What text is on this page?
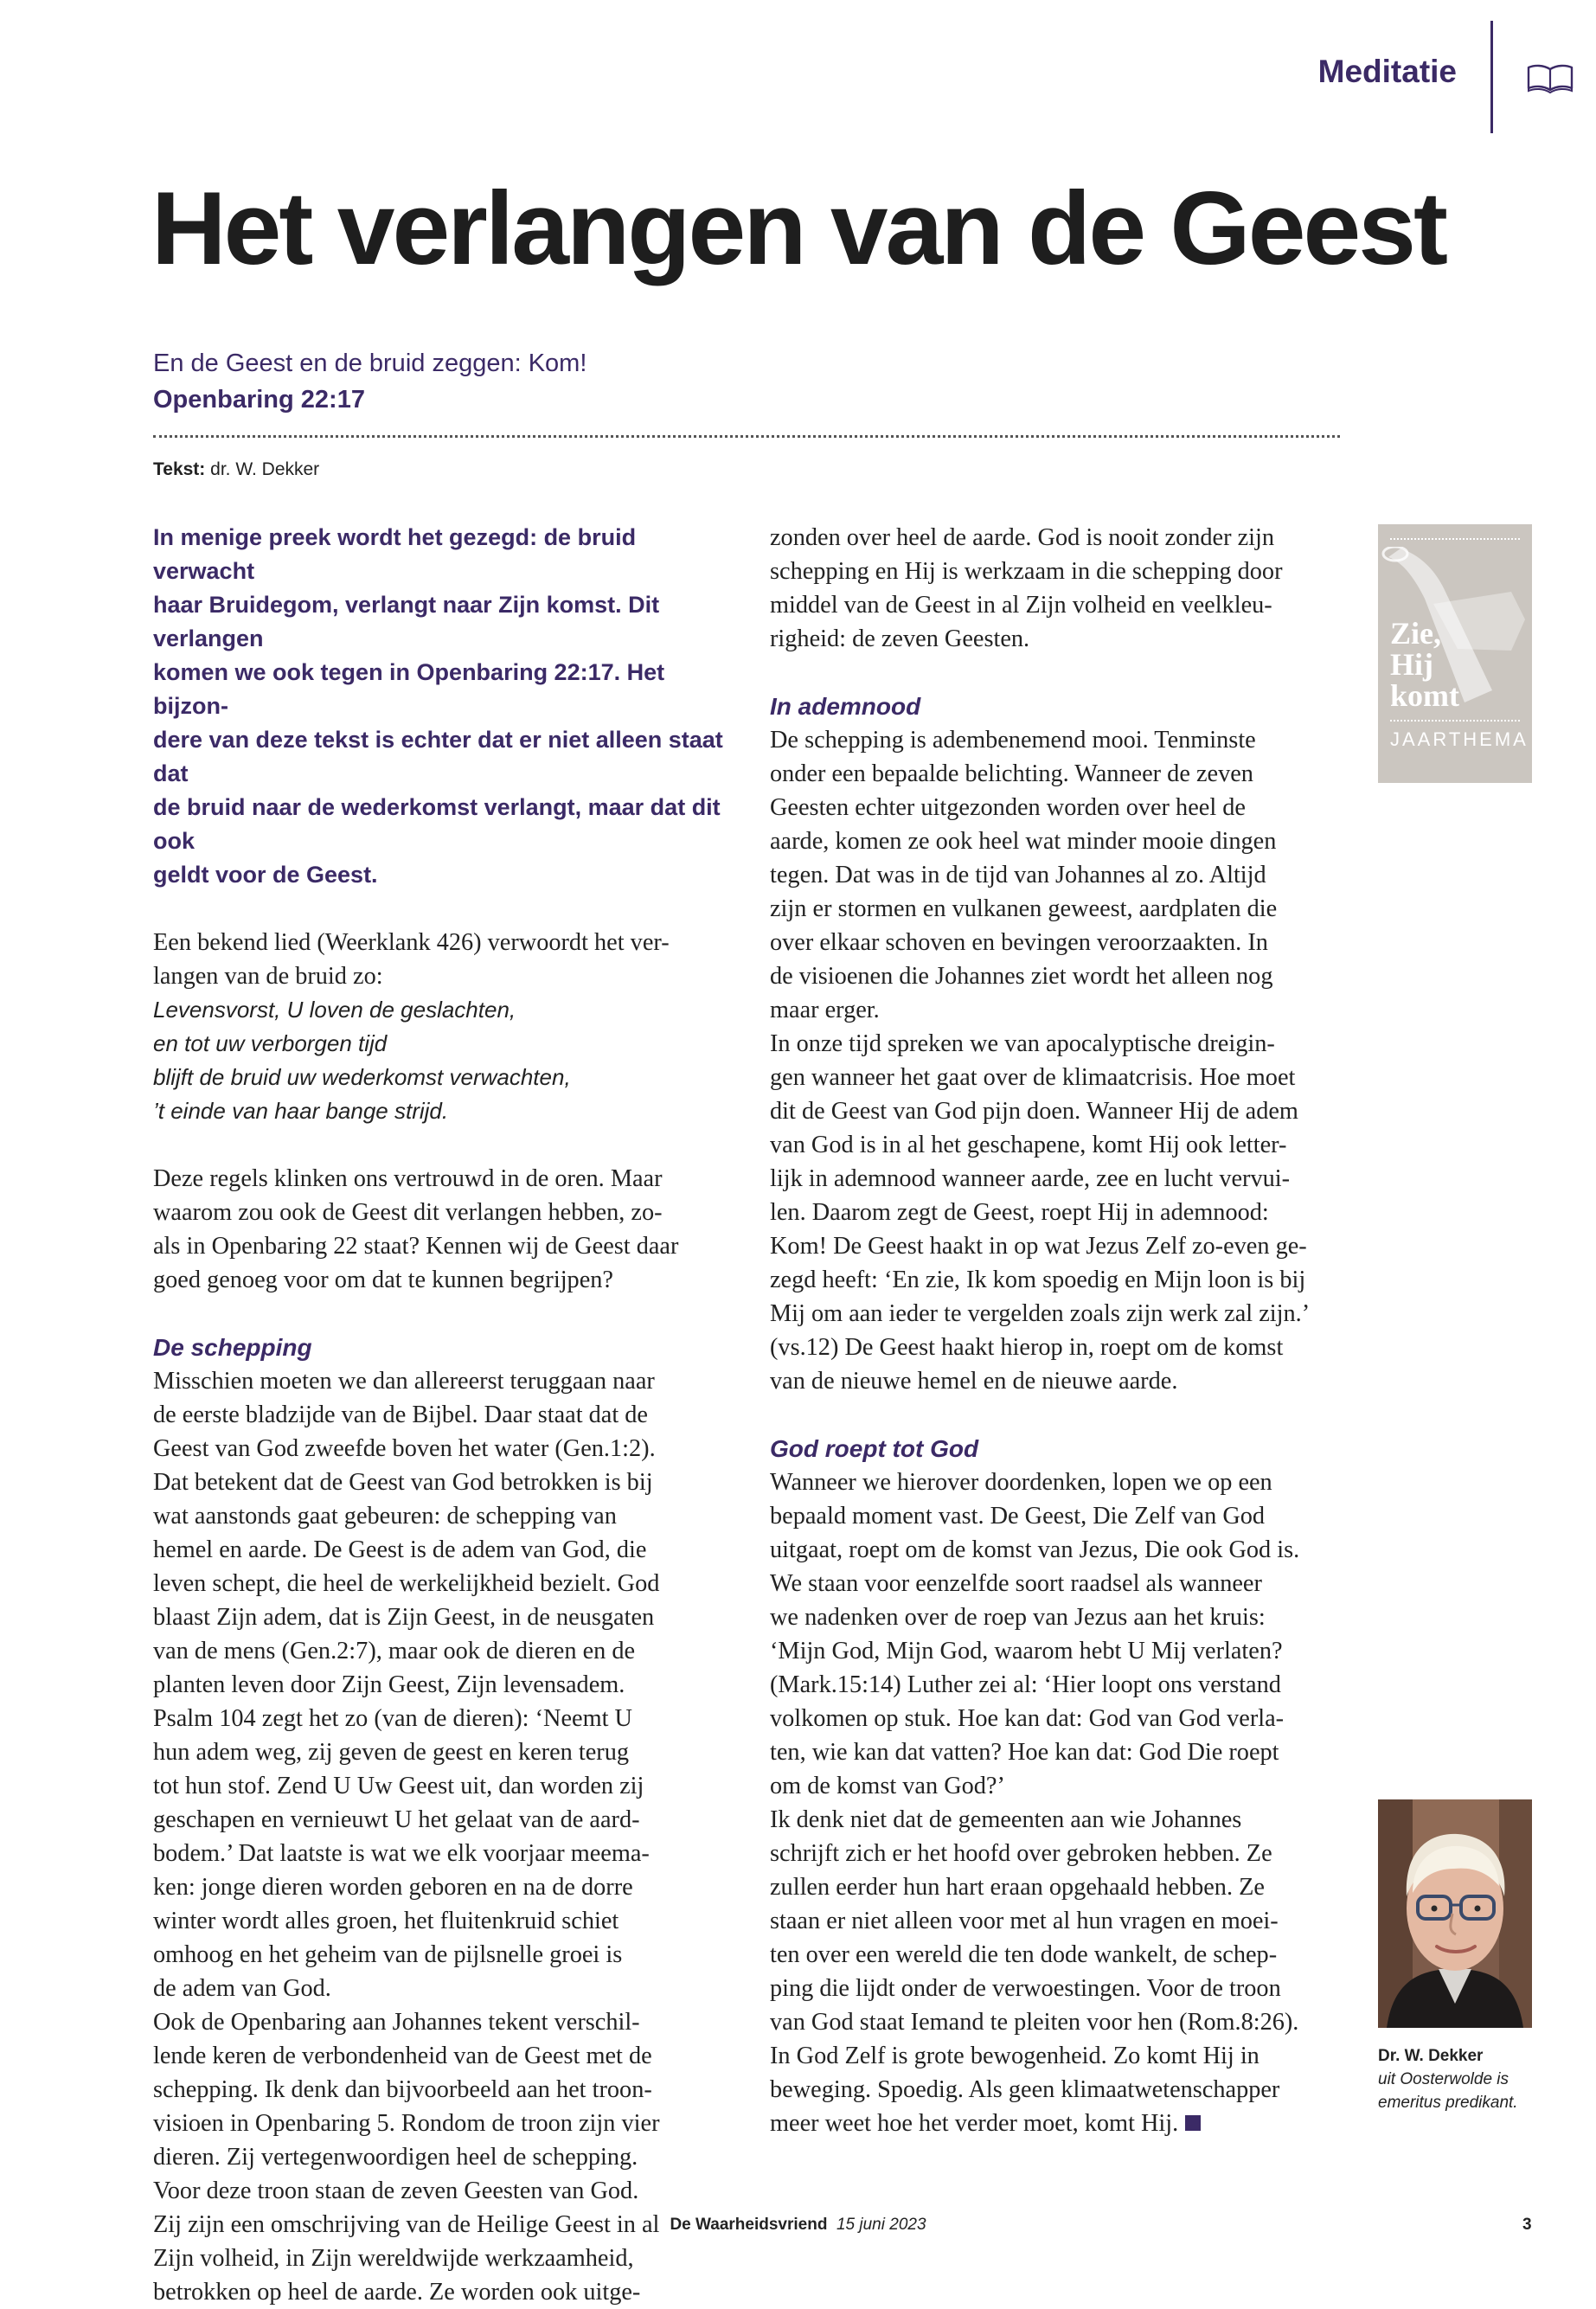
Meditatie
Het verlangen van de Geest
En de Geest en de bruid zeggen: Kom!
Openbaring 22:17
Tekst: dr. W. Dekker

In menige preek wordt het gezegd: de bruid verwacht

haar Bruidegom, verlangt naar Zijn komst. Dit verlangen

komen we ook tegen in Openbaring 22:17. Het bijzon-

dere van deze tekst is echter dat er niet alleen staat dat

de bruid naar de wederkomst verlangt, maar dat dit ook

geldt voor de Geest.

Een bekend lied (Weerklank 426) verwoordt het ver-

langen van de bruid zo:

Levensvorst, U loven de geslachten,

en tot uw verborgen tijd

blijft de bruid uw wederkomst verwachten,

’t einde van haar bange strijd.

Deze regels klinken ons vertrouwd in de oren. Maar

waarom zou ook de Geest dit verlangen hebben, zo-

als in Openbaring 22 staat? Kennen wij de Geest daar

goed genoeg voor om dat te kunnen begrijpen?

De schepping

Misschien moeten we dan allereerst teruggaan naar

de eerste bladzijde van de Bijbel. Daar staat dat de

Geest van God zweefde boven het water (Gen.1:2).

Dat betekent dat de Geest van God betrokken is bij

wat aanstonds gaat gebeuren: de schepping van

hemel en aarde. De Geest is de adem van God, die

leven schept, die heel de werkelijkheid bezielt. God

blaast Zijn adem, dat is Zijn Geest, in de neusgaten

van de mens (Gen.2:7), maar ook de dieren en de

planten leven door Zijn Geest, Zijn levensadem.

Psalm 104 zegt het zo (van de dieren): ‘Neemt U

hun adem weg, zij geven de geest en keren terug

tot hun stof. Zend U Uw Geest uit, dan worden zij

geschapen en vernieuwt U het gelaat van de aard-

bodem.’ Dat laatste is wat we elk voorjaar meema-

ken: jonge dieren worden geboren en na de dorre

winter wordt alles groen, het fluitenkruid schiet

omhoog en het geheim van de pijlsnelle groei is

de adem van God.

Ook de Openbaring aan Johannes tekent verschil-

lende keren de verbondenheid van de Geest met de

schepping. Ik denk dan bijvoorbeeld aan het troon-

visioen in Openbaring 5. Rondom de troon zijn vier

dieren. Zij vertegenwoordigen heel de schepping.

Voor deze troon staan de zeven Geesten van God.

Zij zijn een omschrijving van de Heilige Geest in al

Zijn volheid, in Zijn wereldwijde werkzaamheid,

betrokken op heel de aarde. Ze worden ook uitge-

zonden over heel de aarde. God is nooit zonder zijn

schepping en Hij is werkzaam in die schepping door

middel van de Geest in al Zijn volheid en veelkleu-

righeid: de zeven Geesten.

In ademnood

De schepping is adembenemend mooi. Tenminste

onder een bepaalde belichting. Wanneer de zeven

Geesten echter uitgezonden worden over heel de

aarde, komen ze ook heel wat minder mooie dingen

tegen. Dat was in de tijd van Johannes al zo. Altijd

zijn er stormen en vulkanen geweest, aardplaten die

over elkaar schoven en bevingen veroorzaakten. In

de visioenen die Johannes ziet wordt het alleen nog

maar erger.

In onze tijd spreken we van apocalyptische dreigin-

gen wanneer het gaat over de klimaatcrisis. Hoe moet

dit de Geest van God pijn doen. Wanneer Hij de adem

van God is in al het geschapene, komt Hij ook letter-

lijk in ademnood wanneer aarde, zee en lucht vervui-

len. Daarom zegt de Geest, roept Hij in ademnood:

Kom! De Geest haakt in op wat Jezus Zelf zo-even ge-

zegd heeft: ‘En zie, Ik kom spoedig en Mijn loon is bij

Mij om aan ieder te vergelden zoals zijn werk zal zijn.’

(vs.12) De Geest haakt hierop in, roept om de komst

van de nieuwe hemel en de nieuwe aarde.

God roept tot God

Wanneer we hierover doordenken, lopen we op een

bepaald moment vast. De Geest, Die Zelf van God

uitgaat, roept om de komst van Jezus, Die ook God is.

We staan voor eenzelfde soort raadsel als wanneer

we nadenken over de roep van Jezus aan het kruis:

‘Mijn God, Mijn God, waarom hebt U Mij verlaten?

(Mark.15:14) Luther zei al: ‘Hier loopt ons verstand

volkomen op stuk. Hoe kan dat: God van God verla-

ten, wie kan dat vatten? Hoe kan dat: God Die roept

om de komst van God?’

Ik denk niet dat de gemeenten aan wie Johannes

schrijft zich er het hoofd over gebroken hebben. Ze

zullen eerder hun hart eraan opgehaald hebben. Ze

staan er niet alleen voor met al hun vragen en moei-

ten over een wereld die ten dode wankelt, de schep-

ping die lijdt onder de verwoestingen. Voor de troon

van God staat Iemand te pleiten voor hen (Rom.8:26).

In God Zelf is grote bewogenheid. Zo komt Hij in

beweging. Spoedig. Als geen klimaatwetenschapper

meer weet hoe het verder moet, komt Hij.

Zie,
Hij
komt
JAARTHEMA
Dr. W. Dekker
uit Oosterwolde is
emeritus predikant.
De Waarheidsvriend 15 juni 2023	3
